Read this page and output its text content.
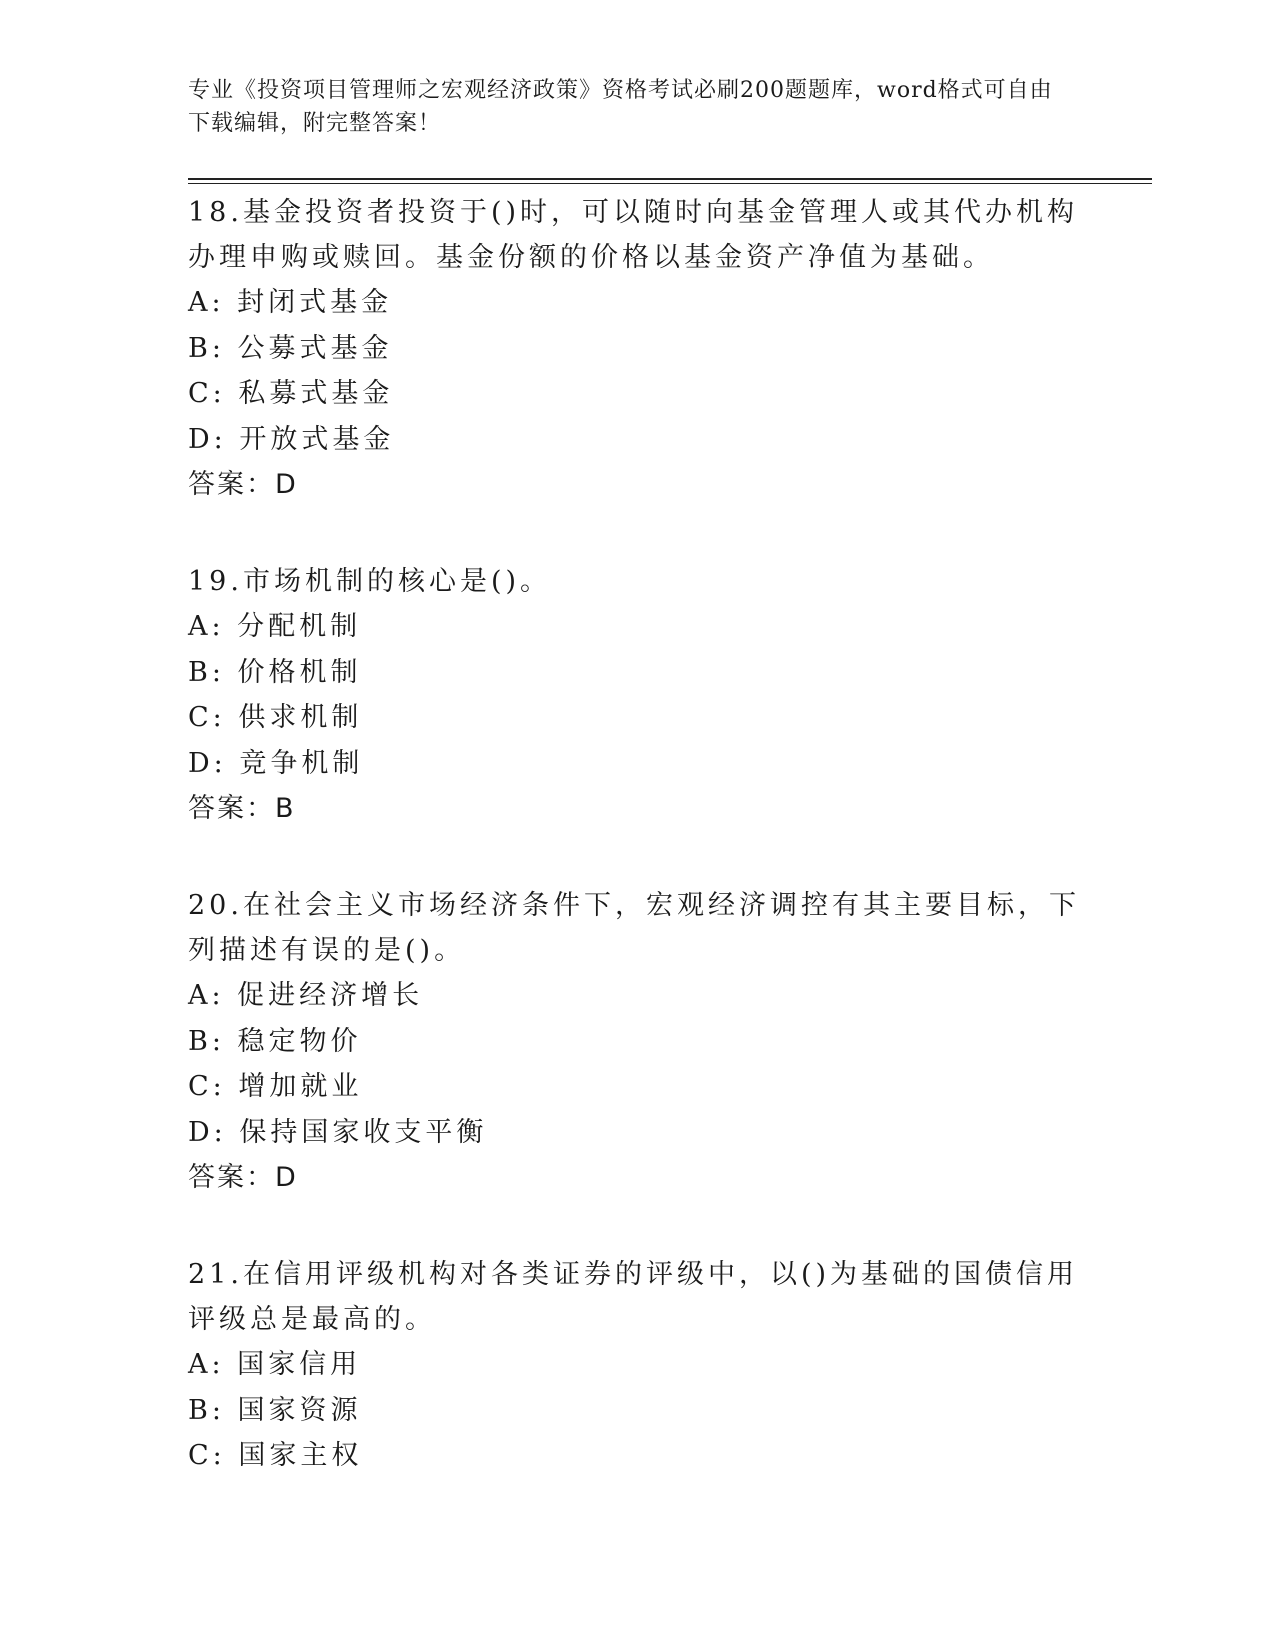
专业《投资项目管理师之宏观经济政策》资格考试必刷200题题库，word格式可自由下载编辑，附完整答案！

18.基金投资者投资于()时，可以随时向基金管理人或其代办机构办理申购或赎回。基金份额的价格以基金资产净值为基础。

A: 封闭式基金

B: 公募式基金

C: 私募式基金

D: 开放式基金

答案：D

19.市场机制的核心是()。

A: 分配机制

B: 价格机制

C: 供求机制

D: 竞争机制

答案：B

20.在社会主义市场经济条件下，宏观经济调控有其主要目标，下列描述有误的是()。

A: 促进经济增长

B: 稳定物价

C: 增加就业

D: 保持国家收支平衡

答案：D

21.在信用评级机构对各类证券的评级中，以()为基础的国债信用评级总是最高的。

A: 国家信用

B: 国家资源

C: 国家主权
